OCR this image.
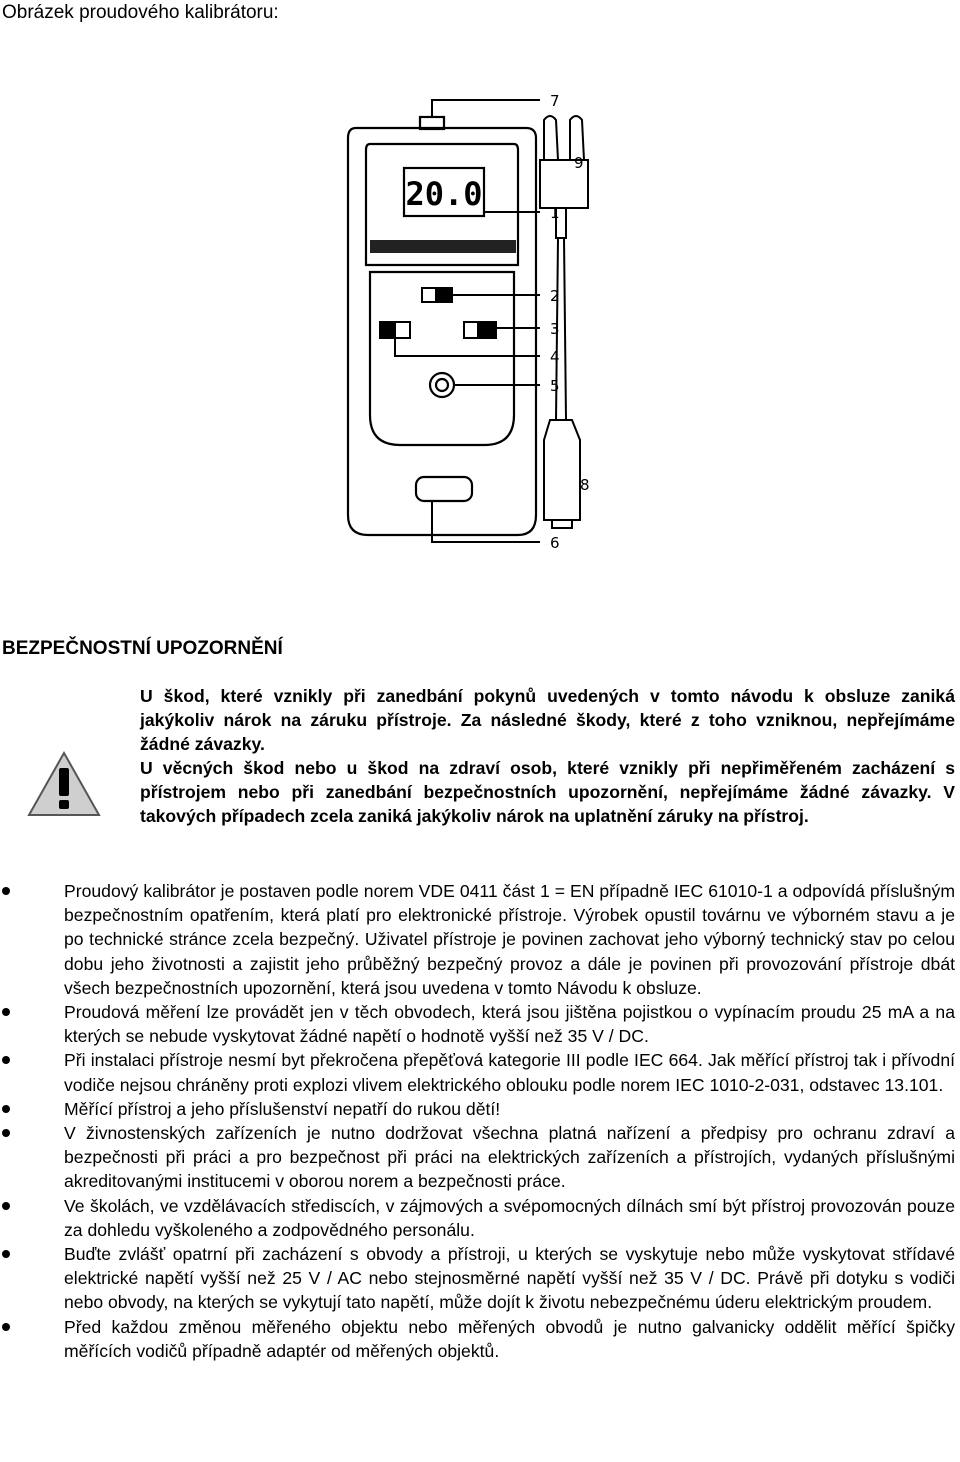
Obrázek proudového kalibrátoru:
20.0
7
9
1
2
3
4
5
8
6
BEZPEČNOSTNÍ UPOZORNĚNÍ

U škod, které vznikly při zanedbání pokynů uvedených v tomto návodu k obsluze zaniká jakýkoliv nárok na záruku přístroje. Za následné škody, které z toho vzniknou, nepřejímáme žádné závazky.

U věcných škod nebo u škod na zdraví osob, které vznikly při nepřiměřeném zacházení s přístrojem nebo při zanedbání bezpečnostních upozornění, nepřejímáme žádné závazky. V takových případech zcela zaniká jakýkoliv nárok na uplatnění záruky na přístroj.

Proudový kalibrátor je postaven podle norem VDE 0411 část 1 = EN případně IEC 61010-1 a odpovídá příslušným bezpečnostním opatřením, která platí pro elektronické přístroje. Výrobek opustil továrnu ve výborném stavu a je po technické stránce zcela bezpečný. Uživatel přístroje je povinen zachovat jeho výborný technický stav po celou dobu jeho životnosti a zajistit jeho průběžný bezpečný provoz a dále je povinen při provozování přístroje dbát všech bezpečnostních upozornění, která jsou uvedena v tomto Návodu k obsluze.
Proudová měření lze provádět jen v těch obvodech, která jsou jištěna pojistkou o vypínacím proudu 25 mA a na kterých se nebude vyskytovat žádné napětí o hodnotě vyšší než 35 V / DC.
Při instalaci přístroje nesmí byt překročena přepěťová kategorie III podle IEC 664. Jak měřící přístroj tak i přívodní vodiče nejsou chráněny proti explozi vlivem elektrického oblouku podle norem IEC 1010-2-031, odstavec 13.101.
Měřící přístroj a jeho příslušenství nepatří do rukou dětí!
V živnostenských zařízeních je nutno dodržovat všechna platná nařízení a předpisy pro ochranu zdraví a bezpečnosti při práci a pro bezpečnost při práci na elektrických zařízeních a přístrojích, vydaných příslušnými akreditovanými institucemi v oborou norem a bezpečnosti práce.
Ve školách, ve vzdělávacích střediscích, v zájmových a svépomocných dílnách smí být přístroj provozován pouze za dohledu vyškoleného a zodpovědného personálu.
Buďte zvlášť opatrní při zacházení s obvody a přístroji, u kterých se vyskytuje nebo může vyskytovat střídavé elektrické napětí vyšší než 25 V / AC nebo stejnosměrné napětí vyšší než 35 V / DC. Právě při dotyku s vodiči nebo obvody, na kterých se vykytují tato napětí, může dojít k životu nebezpečnému úderu elektrickým proudem.
Před každou změnou měřeného objektu nebo měřených obvodů je nutno galvanicky oddělit měřící špičky měřících vodičů případně adaptér od měřených objektů.
